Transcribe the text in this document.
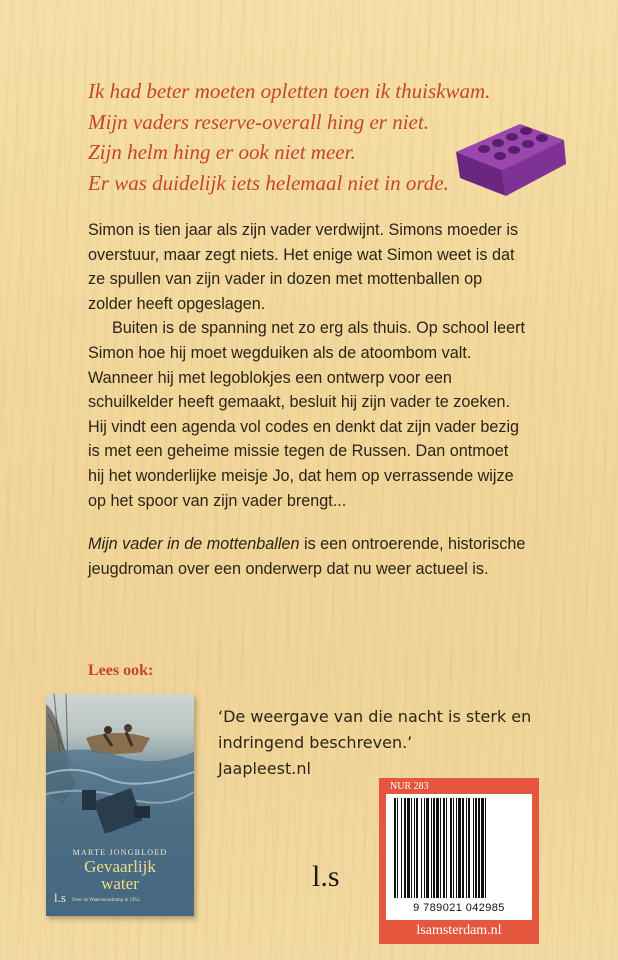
Ik had beter moeten opletten toen ik thuiskwam.
Mijn vaders reserve-overall hing er niet.
Zijn helm hing er ook niet meer.
Er was duidelijk iets helemaal niet in orde.

Simon is tien jaar als zijn vader verdwijnt. Simons moeder is overstuur, maar zegt niets. Het enige wat Simon weet is dat ze spullen van zijn vader in dozen met mottenballen op zolder heeft opgeslagen.

Buiten is de spanning net zo erg als thuis. Op school leert Simon hoe hij moet wegduiken als de atoombom valt. Wanneer hij met legoblokjes een ontwerp voor een schuilkelder heeft gemaakt, besluit hij zijn vader te zoeken. Hij vindt een agenda vol codes en denkt dat zijn vader bezig is met een geheime missie tegen de Russen. Dan ontmoet hij het wonderlijke meisje Jo, dat hem op verrassende wijze op het spoor van zijn vader brengt...

Mijn vader in de mottenballen is een ontroerende, historische jeugdroman over een onderwerp dat nu weer actueel is.

Lees ook:
MARTE JONGBLOED
Gevaarlijk
water
l.s Over de Watersnoodramp in 1953
‘De weergave van die nacht is sterk en
indringend beschreven.’
Jaapleest.nl
l.s
NUR 283
9 789021 042985
lsamsterdam.nl
